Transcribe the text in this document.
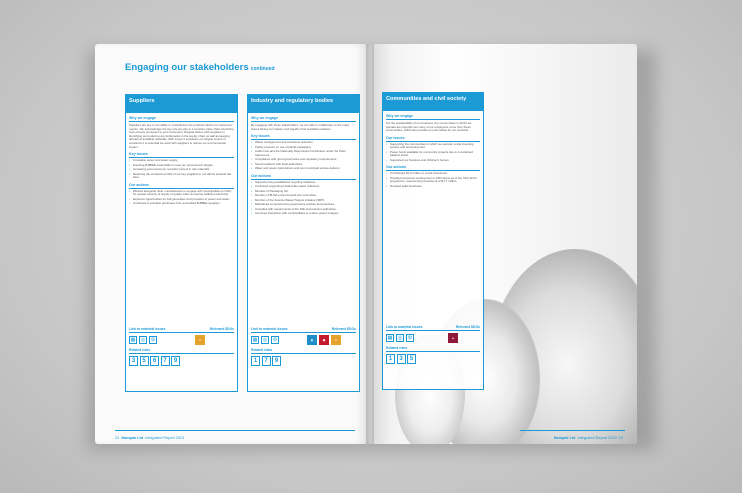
Engaging our stakeholders continued
Suppliers
Why we engage
Suppliers are key to our ability to manufacture the products which our customers require. We acknowledge the key role we play in a complex value chain stretching from primary producers to end consumers. Regular liaison with suppliers in identifying and reducing any bottlenecks in the supply chain as well as keeping abreast of available materials. With scope 3 emissions our largest source of emissions it is essential we work with suppliers to reduce our environmental impact.
Key issues
• Unreliable power and water supply.
• Ensuring B-BBEE credentials to meet our procurement targets.
• Increasing post-consumer recycled content in raw materials.
• Reducing the emissions profile of our key suppliers in our efforts towards Net Zero.
Our actions
• Worked alongside other manufacturers to engage with municipalities to lobby for greater security of supply of quality water as well as sufficient electricity.
• Explored opportunities for self-generation and provision of power and water.
• Continued to prioritise purchases from accredited B-BBEE suppliers.
Link to material issues	Relevant SDGs
▦	◎	⚙	∞
Related risks
3	5	6	7	9
Industry and regulatory bodies
Why we engage
By engaging with these stakeholders, we are able to collaborate on the many issues facing our industry and together find workable solutions.
Key issues
• Waste management and emissions reduction.
• Public pressure on use of plastic packaging.
• Carbon tax and the Nationally Determined Contribution under the Paris Agreement.
• Compliance with good governance and regulatory requirements.
• Sound relations with local authorities.
• Water and power interruptions and poor municipal service delivery.
Our actions
• Supported long-established recycling initiatives.
• Continued supporting small-scale waste collectors.
• Member of Packaging SA.
• Member of BUSA environmental sub-committee.
• Member of the Science-Based Targets initiative (SBTi).
• Maintained comprehensive governance policies and practices.
• Complied with requirements of the JSE and relevant authorities.
• Improved interaction with municipalities to reduce power outages.
Link to material issues	Relevant SDGs
▦	◎	⚙	▮	◉	∞
Related risks
1	7	9
22 Nampak Ltd Integrated Report 2023
Communities and civil society
Why we engage
For the sustainability of our business, the communities in which we operate are important as many of our employees come from these communities, which also provide an end-market for our products.
Our issues
• Supporting the communities in which we operate; social investing, poverty and unemployment.
• Power funds available for community projects due to constrained balance sheet.
• Supported our hospices and children's homes.
Our actions
• Contributed R1.6 million to social investment.
• Provided temporary employment to 158 interns as of the YES which programme, representing investment of R1.7 million.
• Donated eight boreholes.
Link to material issues	Relevant SDGs
▦	◎	⚙	▲
Related risks
1	3	5
Nampak Ltd Integrated Report 2023 23
